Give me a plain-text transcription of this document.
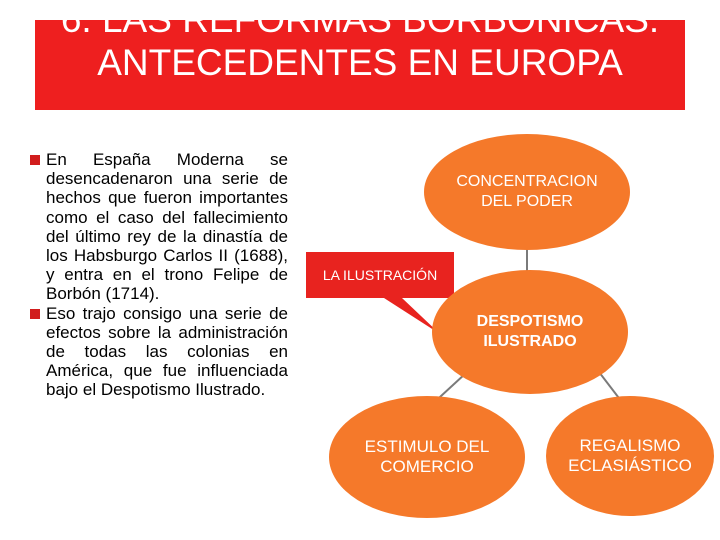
6. LAS REFORMAS BORBÓNICAS: ANTECEDENTES EN EUROPA
En España Moderna se desencadenaron una serie de hechos que fueron importantes como el caso del fallecimiento del último rey de la dinastía de los Habsburgo Carlos II (1688), y entra en el trono Felipe de Borbón (1714).
Eso trajo consigo una serie de efectos sobre la administración de todas las colonias en América, que fue influenciada bajo el Despotismo Ilustrado.
CONCENTRACION DEL PODER
LA ILUSTRACIÓN
DESPOTISMO ILUSTRADO
ESTIMULO DEL COMERCIO
REGALISMO ECLASIÁSTICO
